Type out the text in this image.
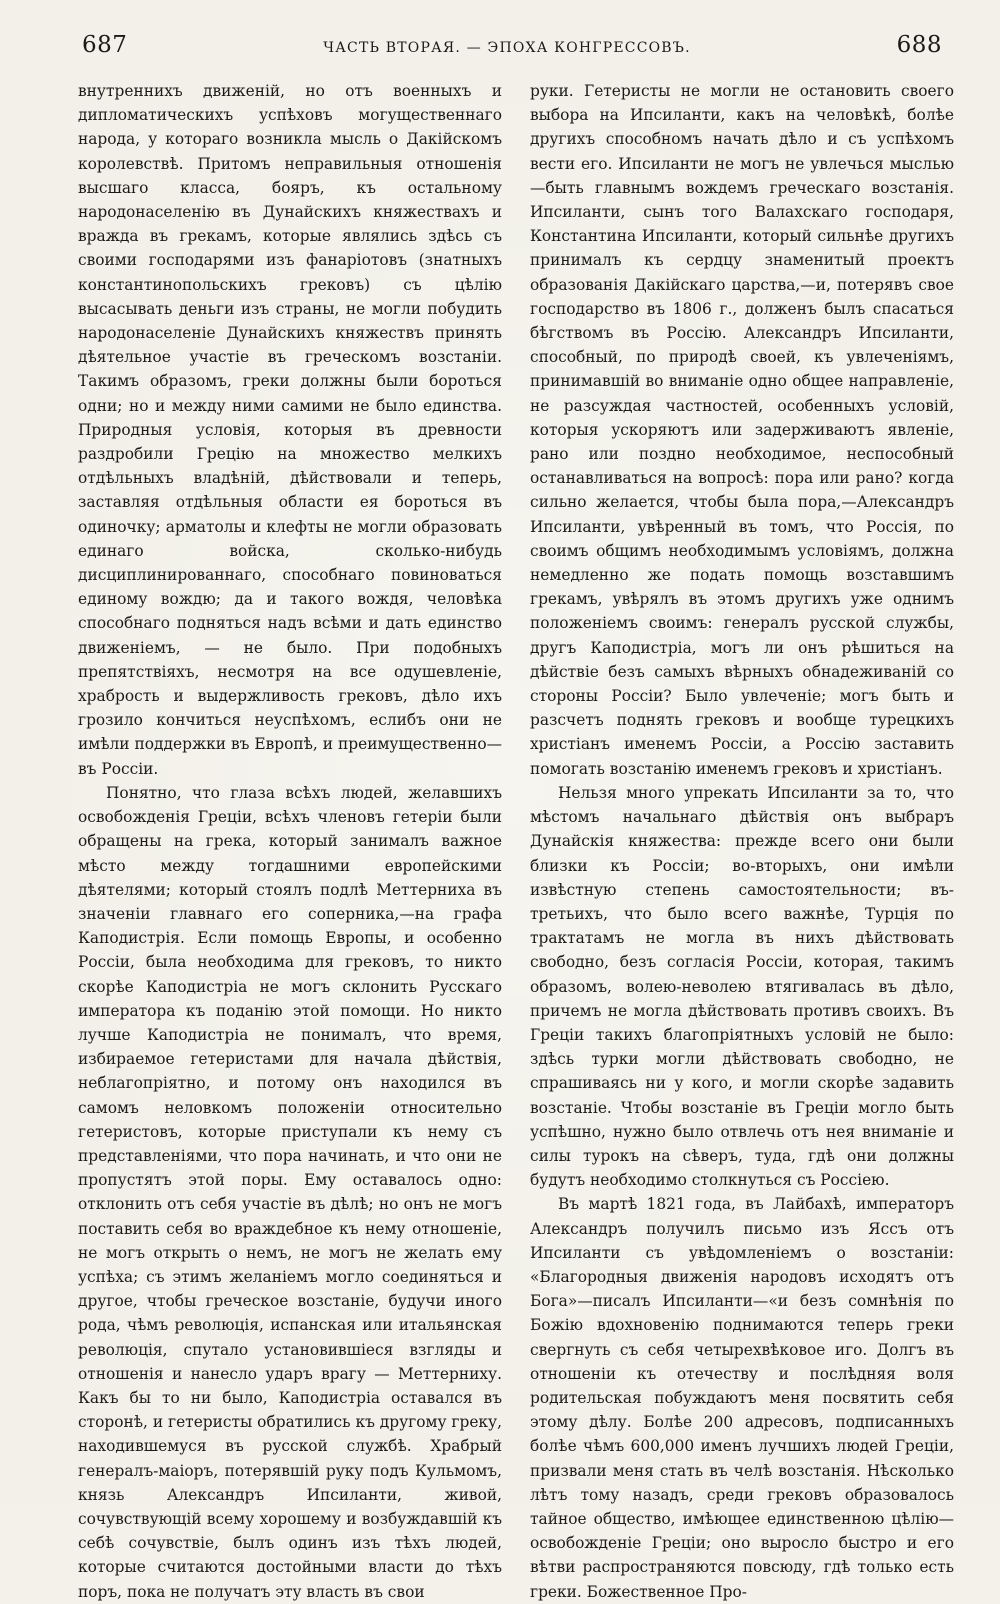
687	ЧАСТЬ ВТОРАЯ. — ЭПОХА КОНГРЕССОВЪ.	688

внутреннихъ движеній, но отъ военныхъ и дипломатическихъ успѣховъ могущественнаго народа, у котораго возникла мысль о Дакійскомъ королевствѣ. Притомъ неправильныя отношенія высшаго класса, бояръ, къ остальному народонаселенію въ Дунайскихъ княжествахъ и вражда въ грекамъ, которые являлись здѣсь съ своими господарями изъ фанаріотовъ (знатныхъ константинопольскихъ грековъ) съ цѣлію высасывать деньги изъ страны, не могли побудить народонаселеніе Дунайскихъ княжествъ принять дѣятельное участіе въ греческомъ возстаніи. Такимъ образомъ, греки должны были бороться одни; но и между ними самими не было единства. Природныя условія, которыя въ древности раздробили Грецію на множество мелкихъ отдѣльныхъ владѣній, дѣйствовали и теперь, заставляя отдѣльныя области ея бороться въ одиночку; арматолы и клефты не могли образовать единаго войска, сколько-нибудь дисциплинированнаго, способнаго повиноваться единому вождю; да и такого вождя, человѣка способнаго подняться надъ всѣми и дать единство движеніемъ, — не было. При подобныхъ препятствіяхъ, несмотря на все одушевленіе, храбрость и выдержливость грековъ, дѣло ихъ грозило кончиться неуспѣхомъ, еслибъ они не имѣли поддержки въ Европѣ, и преимущественно—въ Россіи.

Понятно, что глаза всѣхъ людей, желавшихъ освобожденія Греціи, всѣхъ членовъ гетеріи были обращены на грека, который занималъ важное мѣсто между тогдашними европейскими дѣятелями; который стоялъ подлѣ Меттерниха въ значеніи главнаго его соперника,—на графа Каподистрія. Если помощь Европы, и особенно Россіи, была необходима для грековъ, то никто скорѣе Каподистріа не могъ склонить Русскаго императора къ поданію этой помощи. Но никто лучше Каподистріа не понималъ, что время, избираемое гетеристами для начала дѣйствія, неблагопріятно, и потому онъ находился въ самомъ неловкомъ положеніи относительно гетеристовъ, которые приступали къ нему съ представленіями, что пора начинать, и что они не пропустятъ этой поры. Ему оставалось одно: отклонить отъ себя участіе въ дѣлѣ; но онъ не могъ поставить себя во враждебное къ нему отношеніе, не могъ открыть о немъ, не могъ не желать ему успѣха; съ этимъ желаніемъ могло соединяться и другое, чтобы греческое возстаніе, будучи иного рода, чѣмъ революція, испанская или итальянская революція, спутало установившіеся взгляды и отношенія и нанесло ударъ врагу — Меттерниху. Какъ бы то ни было, Каподистріа оставался въ сторонѣ, и гетеристы обратились къ другому греку, находившемуся въ русской службѣ. Храбрый генералъ-маіоръ, потерявшій руку подъ Кульмомъ, князь Александръ Ипсиланти, живой, сочувствующій всему хорошему и возбуждавшій къ себѣ сочувствіе, былъ одинъ изъ тѣхъ людей, которые считаются достойными власти до тѣхъ поръ, пока не получатъ эту власть въ свои

руки. Гетеристы не могли не остановить своего выбора на Ипсиланти, какъ на человѣкѣ, болѣе другихъ способномъ начать дѣло и съ успѣхомъ вести его. Ипсиланти не могъ не увлечься мыслью —быть главнымъ вождемъ греческаго возстанія. Ипсиланти, сынъ того Валахскаго господаря, Константина Ипсиланти, который сильнѣе другихъ принималъ къ сердцу знаменитый проектъ образованія Дакійскаго царства,—и, потерявъ свое господарство въ 1806 г., долженъ былъ спасаться бѣгствомъ въ Россію. Александръ Ипсиланти, способный, по природѣ своей, къ увлеченіямъ, принимавшій во вниманіе одно общее направленіе, не разсуждая частностей, особенныхъ условій, которыя ускоряютъ или задерживаютъ явленіе, рано или поздно необходимое, неспособный останавливаться на вопросѣ: пора или рано? когда сильно желается, чтобы была пора,—Александръ Ипсиланти, увѣренный въ томъ, что Россія, по своимъ общимъ необходимымъ условіямъ, должна немедленно же подать помощь возставшимъ грекамъ, увѣрялъ въ этомъ другихъ уже однимъ положеніемъ своимъ: генералъ русской службы, другъ Каподистріа, могъ ли онъ рѣшиться на дѣйствіе безъ самыхъ вѣрныхъ обнадеживаній со стороны Россіи? Было увлеченіе; могъ быть и разсчетъ поднять грековъ и вообще турецкихъ христіанъ именемъ Россіи, а Россію заставить помогать возстанію именемъ грековъ и христіанъ.

Нельзя много упрекать Ипсиланти за то, что мѣстомъ начальнаго дѣйствія онъ выбраръ Дунайскія княжества: прежде всего они были близки къ Россіи; во-вторыхъ, они имѣли извѣстную степень самостоятельности; въ-третьихъ, что было всего важнѣе, Турція по трактатамъ не могла въ нихъ дѣйствовать свободно, безъ согласія Россіи, которая, такимъ образомъ, волею-неволею втягивалась въ дѣло, причемъ не могла дѣйствовать противъ своихъ. Въ Греціи такихъ благопріятныхъ условій не было: здѣсь турки могли дѣйствовать свободно, не спрашиваясь ни у кого, и могли скорѣе задавить возстаніе. Чтобы возстаніе въ Греціи могло быть успѣшно, нужно было отвлечь отъ нея вниманіе и силы турокъ на сѣверъ, туда, гдѣ они должны будутъ необходимо столкнуться съ Россіею.

Въ мартѣ 1821 года, въ Лайбахѣ, императоръ Александръ получилъ письмо изъ Яссъ отъ Ипсиланти съ увѣдомленіемъ о возстаніи: «Благородныя движенія народовъ исходятъ отъ Бога»—писалъ Ипсиланти—«и безъ сомнѣнія по Божію вдохновенію поднимаются теперь греки свергнуть съ себя четырехвѣковое иго. Долгъ въ отношеніи къ отечеству и послѣдняя воля родительская побуждаютъ меня посвятить себя этому дѣлу. Болѣе 200 адресовъ, подписанныхъ болѣе чѣмъ 600,000 именъ лучшихъ людей Греціи, призвали меня стать въ челѣ возстанія. Нѣсколько лѣтъ тому назадъ, среди грековъ образовалось тайное общество, имѣющее единственною цѣлію—освобожденіе Греціи; оно выросло быстро и его вѣтви распространяются повсюду, гдѣ только есть греки. Божественное Про-
